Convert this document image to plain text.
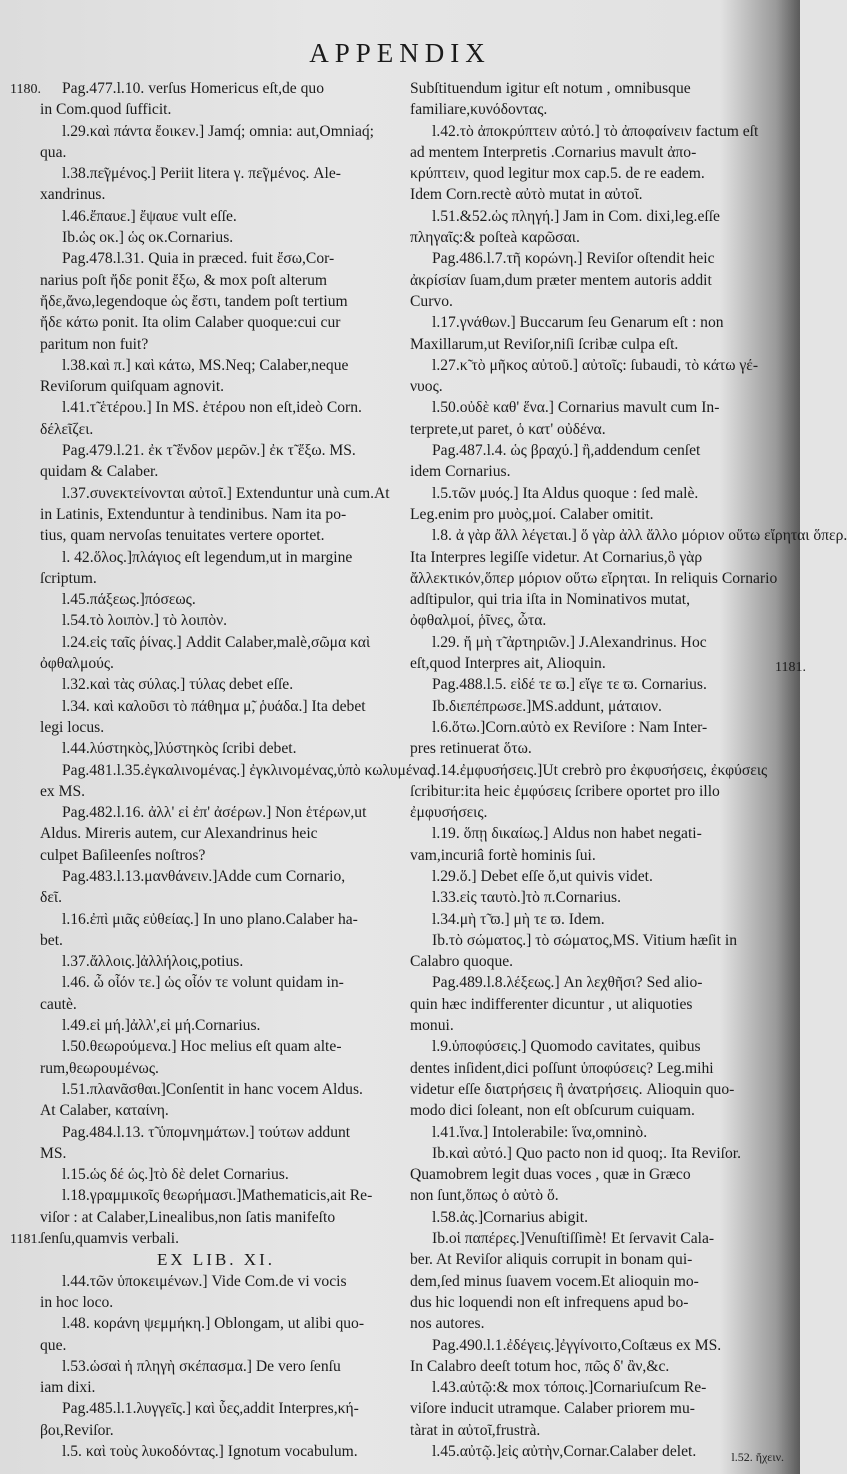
APPENDIX
1180.
1181.
1181.
Pag.477.l.10. verſus Homericus eſt,de quo
in Com.quod ſufficit.
l.29.καὶ πάντα ἔοικεν.] Jamq́; omnia: aut,Omniaq́;
qua.
l.38.πε̃γμένος.] Periit litera γ. πε̃γμένος. Ale-
xandrinus.
l.46.ἔπαυε.] ἔψαυε vult eſſe.
Ib.ὡς οκ.] ὡς οκ.Cornarius.
Pag.478.l.31. Quia in præced. fuit ἔσω,Cor-
narius poſt ἤδε ponit ἔξω, & mox poſt alterum
ἤδε,ἄνω,legendoque ὡς ἔστι, tandem poſt tertium
ἤδε κάτω ponit. Ita olim Calaber quoque:cui cur
paritum non fuit?
l.38.καὶ π.] καὶ κάτω, MS.Neq; Calaber,neque
Reviſorum quiſquam agnovit.
l.41.τ̃ ἑτέρου.] In MS. ἑτέρου non eſt,ideò Corn.
δέλεῖζει.
Pag.479.l.21. ἐκ τ̃ ἔνδον μερῶν.] ἐκ τ̃ ἔξω. MS.
quidam & Calaber.
l.37.συνεκτείνονται αὐτοῖ.] Extenduntur unà cum.At
in Latinis, Extenduntur à tendinibus. Nam ita po-
tius, quam nervoſas tenuitates vertere oportet.
l. 42.ὅλος.]πλάγιος eſt legendum,ut in margine
ſcriptum.
l.45.πάξεως.]πόσεως.
l.54.τὸ λοιπὸν.] τὸ λοιπὸν.
l.24.εἰς ταῖς ῥίνας.] Addit Calaber,malè,σῶμα καὶ
ὀφθαλμούς.
l.32.καὶ τὰς σύλας.] τύλας debet eſſe.
l.34. καὶ καλοῦσι τὸ πάθημα μ̃, ῥυάδα.] Ita debet
legi locus.
l.44.λύστηκὸς,]λύστηκὸς ſcribi debet.
Pag.481.l.35.ἐγκαλινομένας.] ἐγκλινομένας,ὑπὸ κωλυμένας
ex MS.
Pag.482.l.16. ἀλλ' εἰ ἐπ' ἀσέρων.] Non ἑτέρων,ut
Aldus. Mireris autem, cur Alexandrinus heic
culpet Baſileenſes noſtros?
Pag.483.l.13.μανθάνειν.]Adde cum Cornario,
δεῖ.
l.16.ἐπὶ μιᾶς εὐθείας.] In uno plano.Calaber ha-
bet.
l.37.ἄλλοις.]ἀλλήλοις,potius.
l.46. ὦ οἷόν τε.] ὡς οἷόν τε volunt quidam in-
cautè.
l.49.εἰ μή.]ἀλλ',εἰ μή.Cornarius.
l.50.θεωρούμενα.] Hoc melius eſt quam alte-
rum,θεωρουμένως.
l.51.πλανᾶσθαι.]Conſentit in hanc vocem Aldus.
At Calaber, καταίνη.
Pag.484.l.13. τ̃ ὑπομνημάτων.] τούτων addunt
MS.
l.15.ὡς δέ ὡς.]τὸ δὲ delet Cornarius.
l.18.γραμμικοῖς θεωρήμασι.]Mathematicis,ait Re-
viſor : at Calaber,Linealibus,non ſatis manifeſto
ſenſu,quamvis verbali.
EX LIB. XI.
l.44.τῶν ὑποκειμένων.] Vide Com.de vi vocis
in hoc loco.
l.48. κοράνη ψεμμήκη.] Oblongam, ut alibi quo-
que.
l.53.ὡσαὶ ἡ πληγὴ σκέπασμα.] De vero ſenſu
iam dixi.
Pag.485.l.1.λυγγεῖς.] καὶ ὗες,addit Interpres,κή-
βοι,Reviſor.
l.5. καὶ τοὺς λυκοδόντας.] Ignotum vocabulum.
Subſtituendum igitur eſt notum , omnibusque
familiare,κυνόδοντας.
l.42.τὸ ἀποκρύπτειν αὐτό.] τὸ ἀποφαίνειν factum eſt
ad mentem Interpretis .Cornarius mavult ἀπο-
κρύπτειν, quod legitur mox cap.5. de re eadem.
Idem Corn.rectè αὐτὸ mutat in αὐτοῖ.
l.51.&52.ὡς πληγή.] Jam in Com. dixi,leg.eſſe
πληγαῖς:& poſteà καρῶσαι.
Pag.486.l.7.τῆ κορώνη.] Reviſor oſtendit heic
ἀκρίσίαν ſuam,dum præter mentem autoris addit
Curvo.
l.17.γνάθων.] Buccarum ſeu Genarum eſt : non
Maxillarum,ut Reviſor,niſi ſcribæ culpa eſt.
l.27.κ̃ τὸ μῆκος αὐτοῦ.] αὐτοῖς: ſubaudi, τὸ κάτω γέ-
νυος.
l.50.οὐδὲ καθ' ἕνα.] Cornarius mavult cum In-
terprete,ut paret, ὁ κατ' οὐδένα.
Pag.487.l.4. ὡς βραχύ.] ἢ,addendum cenſet
idem Cornarius.
l.5.τῶν μυός.] Ita Aldus quoque : ſed malè.
Leg.enim pro μυὸς,μοί. Calaber omitit.
l.8. ἀ γὰρ ἄλλ λέγεται.] ὅ γὰρ ἀλλ ἄλλο μόριον οὕτω εἴρηται ὅπερ.
Ita Interpres legiſſe videtur. At Cornarius,ὃ γὰρ
ἄλλεκτικόν,ὅπερ μόριον οὕτω εἴρηται. In reliquis Cornario
adſtipulor, qui tria iſta in Nominativos mutat,
ὀφθαλμοί, ῥῖνες, ὦτα.
l.29. ἤ μὴ τ̃ ἀρτηριῶν.] J.Alexandrinus. Hoc
eſt,quod Interpres ait, Alioquin.
Pag.488.l.5. εἰδέ τε ϖ.] εἴγε τε ϖ. Cornarius.
Ib.διεπέπρωσε.]MS.addunt, μάταιον.
l.6.ὅτω.]Corn.αὐτὸ ex Reviſore : Nam Inter-
pres retinuerat ὅτω.
l.14.ἐμφυσήσεις.]Ut crebrò pro ἐκφυσήσεις, ἐκφύσεις
ſcribitur:ita heic ἐμφύσεις ſcribere oportet pro illo
ἐμφυσήσεις.
l.19. ὅπῃ δικαίως.] Aldus non habet negati-
vam,incuriâ fortè hominis ſui.
l.29.ὅ.] Debet eſſe ὅ,ut quivis videt.
l.33.εἰς ταυτὸ.]τὸ π.Cornarius.
l.34.μὴ τ̃ ϖ.] μὴ τε ϖ. Idem.
Ib.τὸ σώματος.] τὸ σώματος,MS. Vitium hæſit in
Calabro quoque.
Pag.489.l.8.λέξεως.] An λεχθῆσι? Sed alio-
quin hæc indifferenter dicuntur , ut aliquoties
monui.
l.9.ὑποφύσεις.] Quomodo cavitates, quibus
dentes inſident,dici poſſunt ὑποφύσεις? Leg.mihi
videtur eſſe διατρήσεις ἢ ἀνατρήσεις. Alioquin quo-
modo dici ſoleant, non eſt obſcurum cuiquam.
l.41.ἵνα.] Intolerabile: ἵνα,omninò.
Ib.καὶ αὐτό.] Quo pacto non id quoq;. Ita Reviſor.
Quamobrem legit duas voces , quæ in Græco
non ſunt,ὅπως ὁ αὐτὸ ὅ.
l.58.ἀς.]Cornarius abigit.
Ib.οἱ παπέρες.]Venuſtiſſimè! Et ſervavit Cala-
ber. At Reviſor aliquis corrupit in bonam qui-
dem,ſed minus ſuavem vocem.Et alioquin mo-
dus hic loquendi non eſt infrequens apud bo-
nos autores.
Pag.490.l.1.ἐδέγεις.]ἐγγίνοιτο,Coſtæus ex MS.
In Calabro deeſt totum hoc, πῶς δ' ἂν,&c.
l.43.αὐτῷ:& mox τόποις.]Cornariuſcum Re-
viſore inducit utramque. Calaber priorem mu-
tàrat in αὐτοῖ,frustrà.
l.45.αὐτῷ.]εἰς αὐτὴν,Cornar.Calaber delet.	l.52. ἤχειν.
